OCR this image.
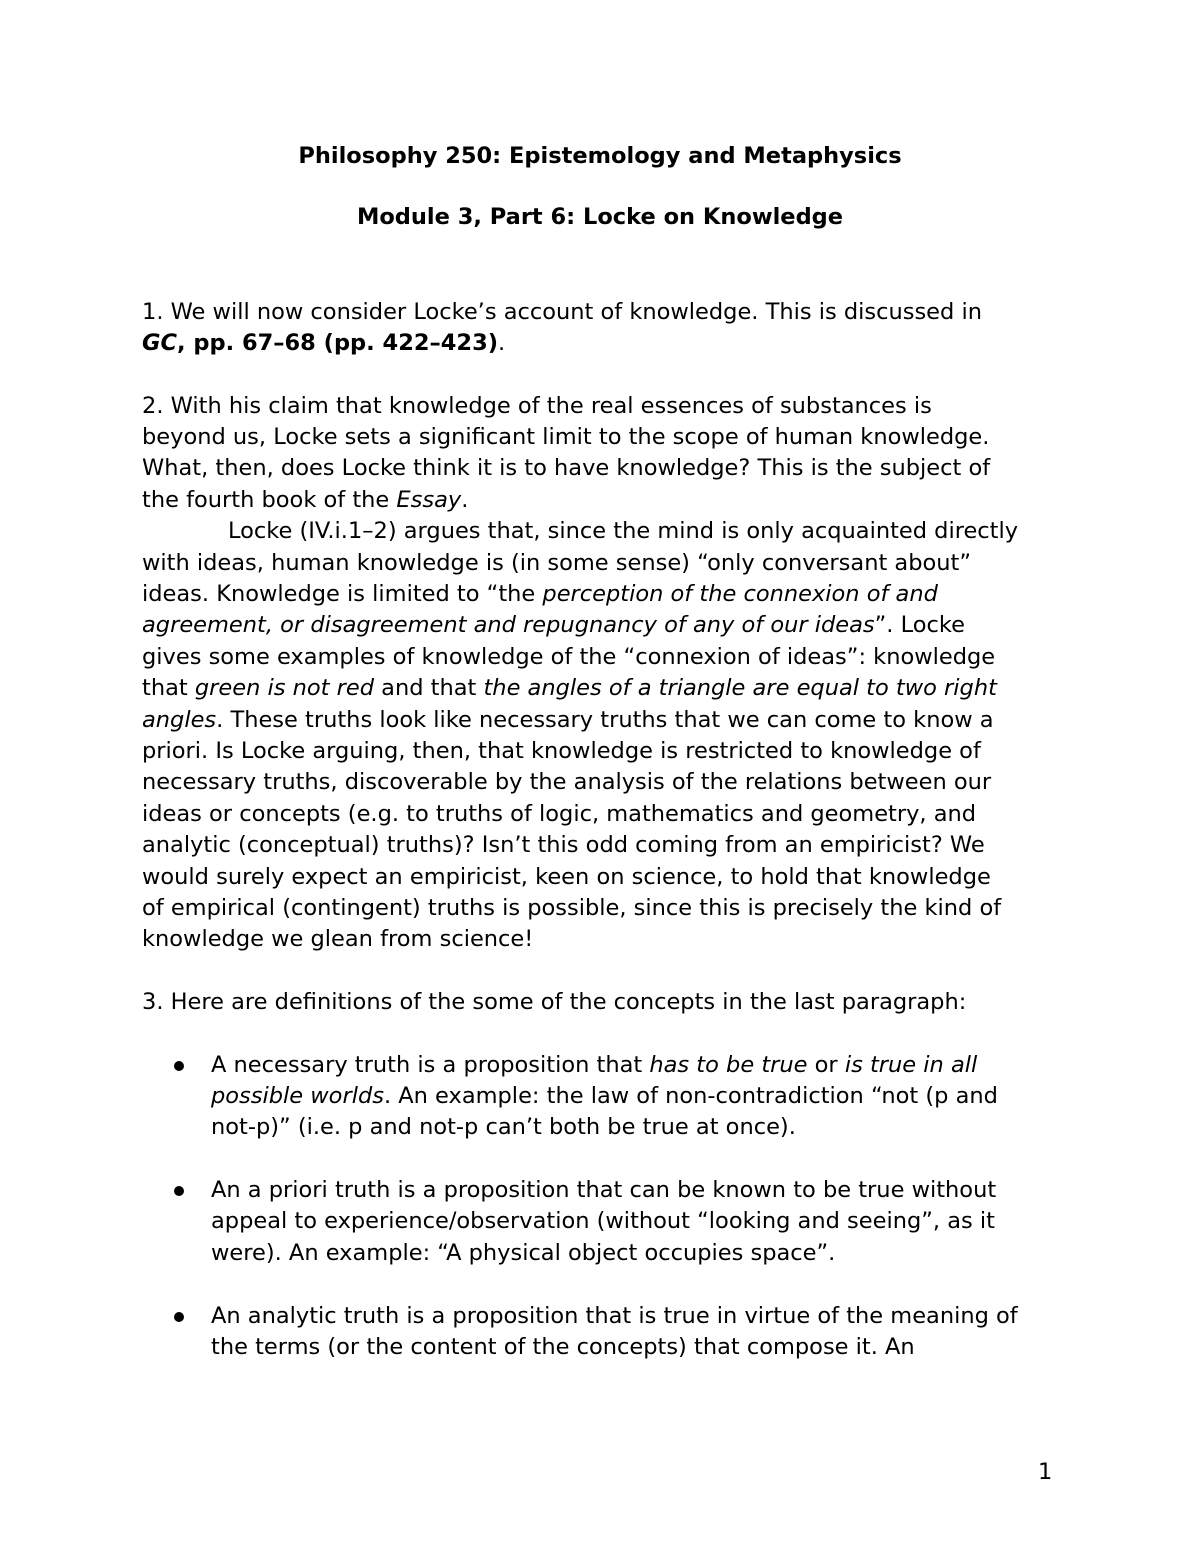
Philosophy 250: Epistemology and Metaphysics
Module 3, Part 6: Locke on Knowledge
1. We will now consider Locke’s account of knowledge. This is discussed in
GC, pp. 67–68 (pp. 422–423).
2. With his claim that knowledge of the real essences of substances is
beyond us, Locke sets a significant limit to the scope of human knowledge.
What, then, does Locke think it is to have knowledge? This is the subject of
the fourth book of the Essay.
Locke (IV.i.1–2) argues that, since the mind is only acquainted directly
with ideas, human knowledge is (in some sense) “only conversant about”
ideas. Knowledge is limited to “the perception of the connexion of and
agreement, or disagreement and repugnancy of any of our ideas”. Locke
gives some examples of knowledge of the “connexion of ideas”: knowledge
that green is not red and that the angles of a triangle are equal to two right
angles. These truths look like necessary truths that we can come to know a
priori. Is Locke arguing, then, that knowledge is restricted to knowledge of
necessary truths, discoverable by the analysis of the relations between our
ideas or concepts (e.g. to truths of logic, mathematics and geometry, and
analytic (conceptual) truths)? Isn’t this odd coming from an empiricist? We
would surely expect an empiricist, keen on science, to hold that knowledge
of empirical (contingent) truths is possible, since this is precisely the kind of
knowledge we glean from science!
3. Here are definitions of the some of the concepts in the last paragraph:
A necessary truth is a proposition that has to be true or is true in all
possible worlds. An example: the law of non-contradiction “not (p and
not-p)” (i.e. p and not-p can’t both be true at once).
An a priori truth is a proposition that can be known to be true without
appeal to experience/observation (without “looking and seeing”, as it
were). An example: “A physical object occupies space”.
An analytic truth is a proposition that is true in virtue of the meaning of
the terms (or the content of the concepts) that compose it. An
1
